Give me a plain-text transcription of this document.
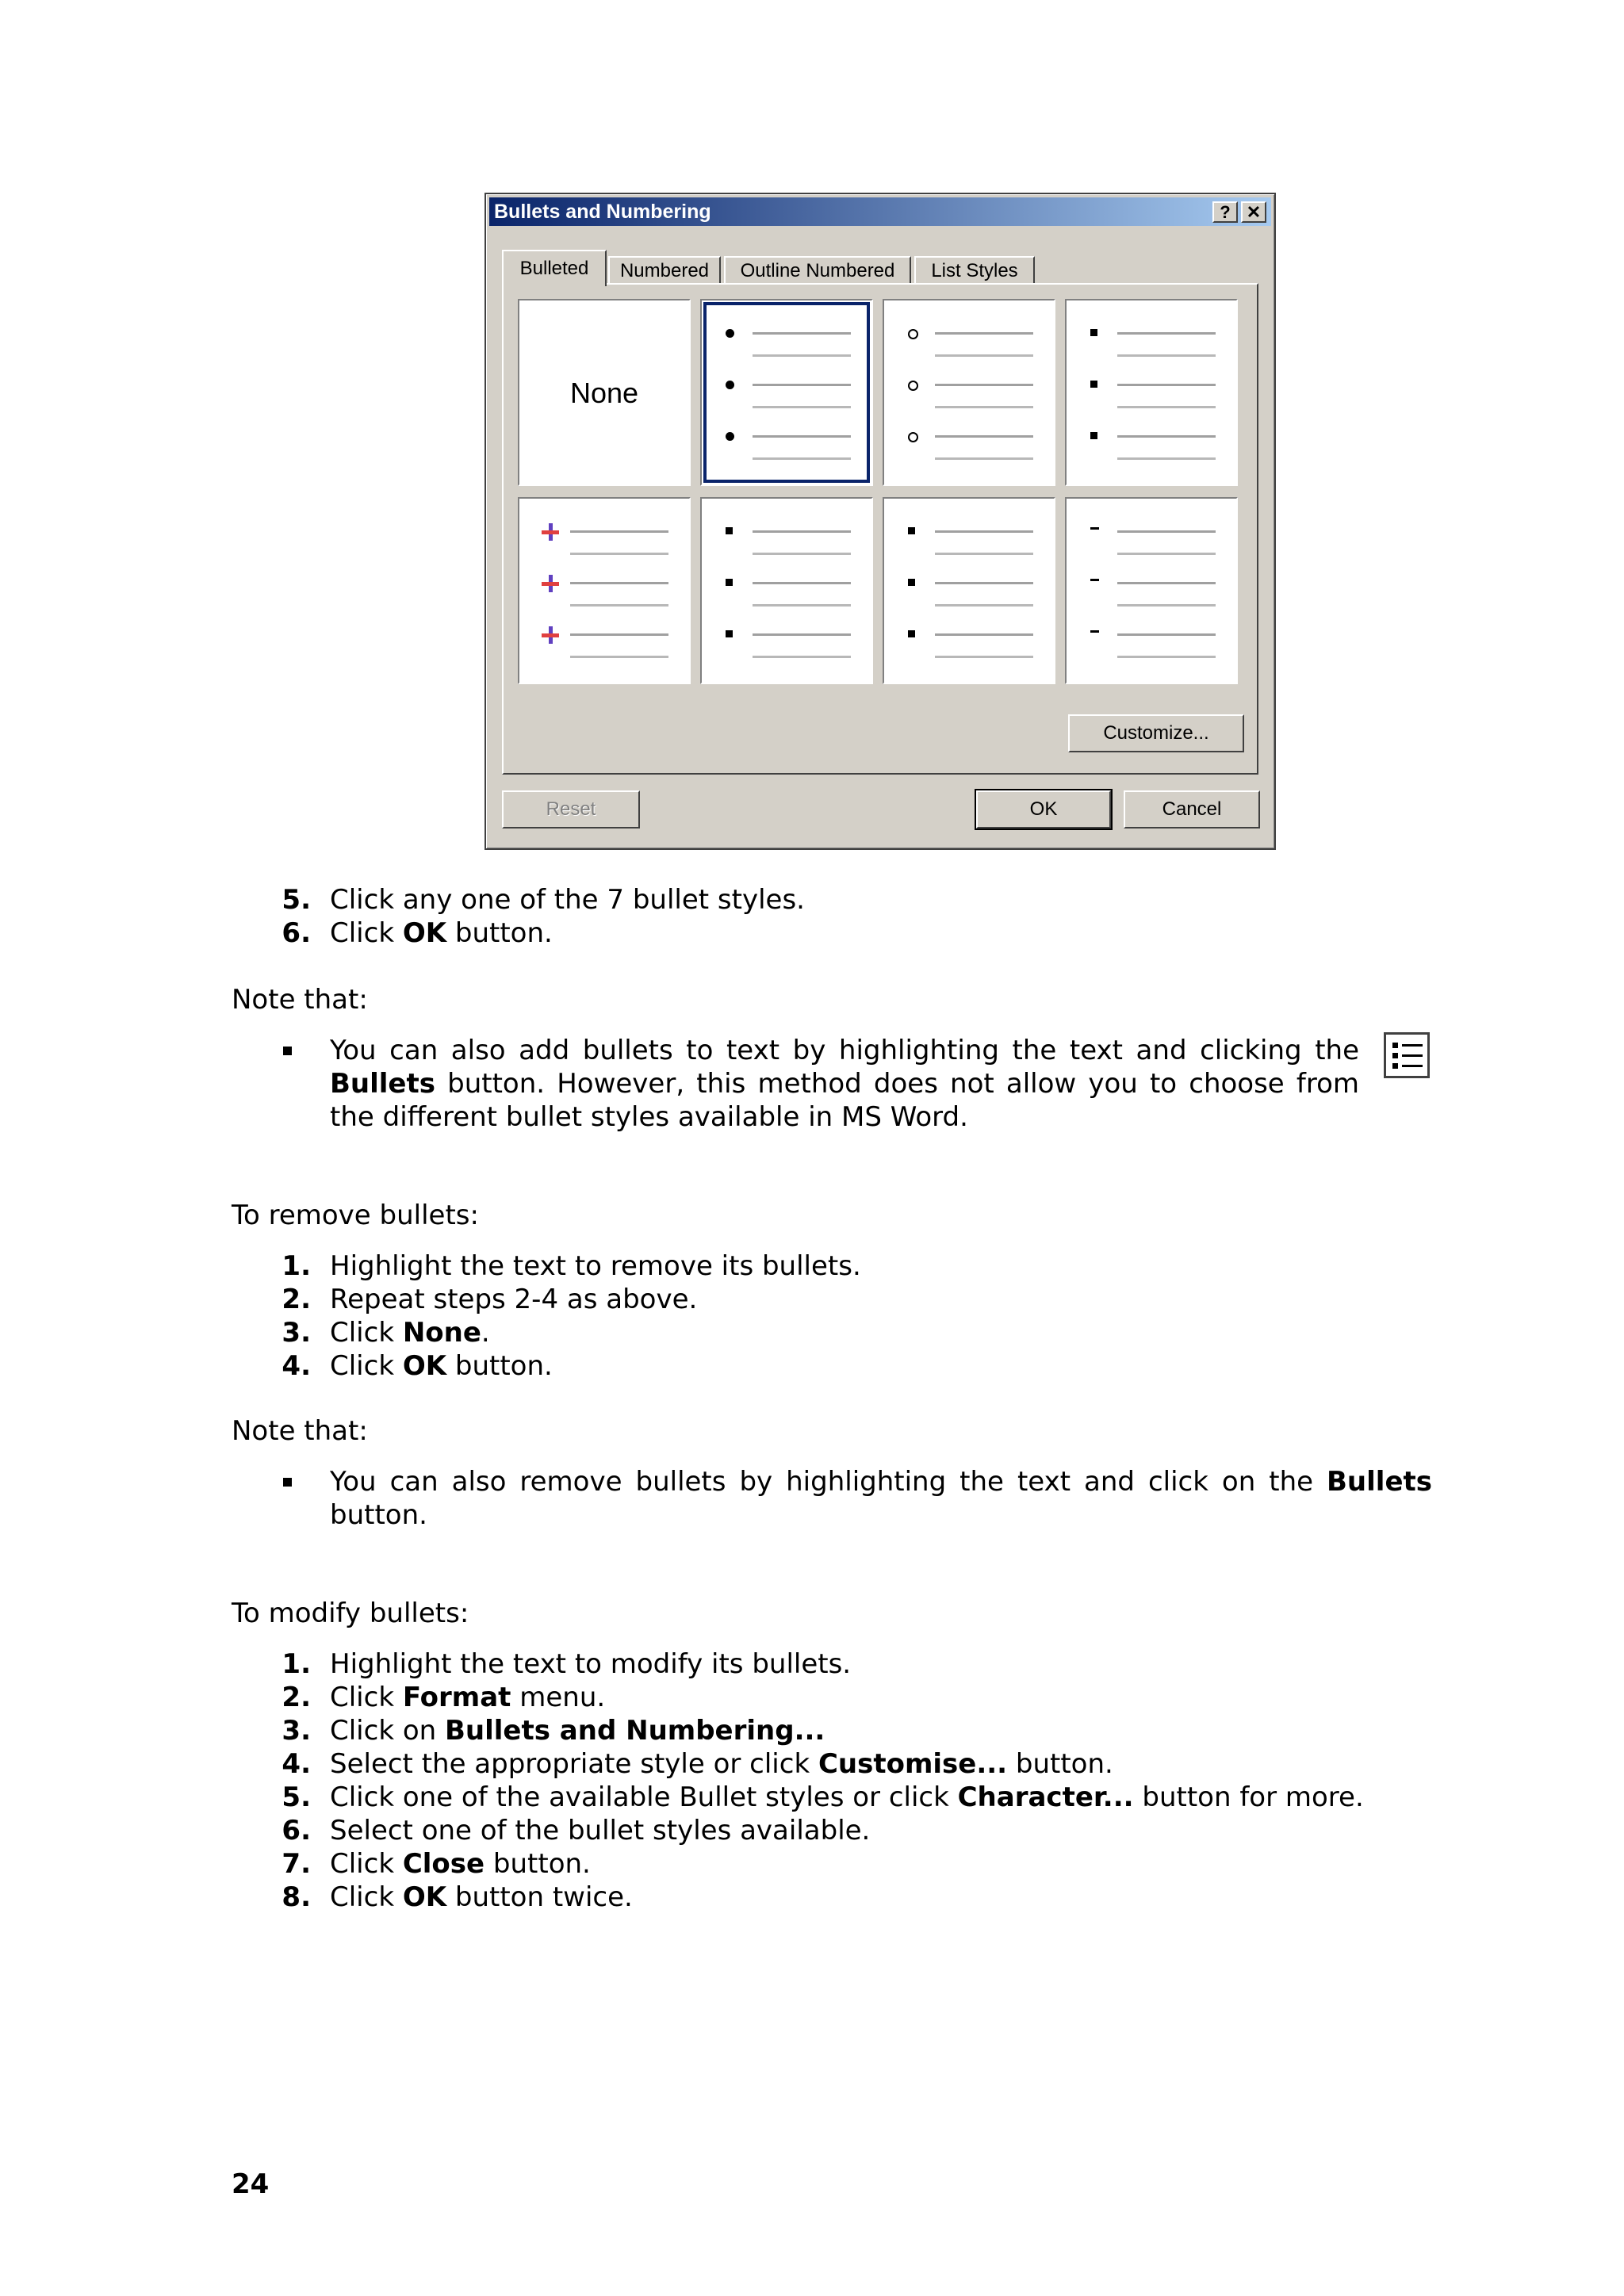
Bullets and Numbering	? ✕
Bulleted	Numbered	Outline Numbered	List Styles
None
Customize...
Reset	OK	Cancel
5. Click any one of the 7 bullet styles.
6. Click OK button.
Note that:
You can also add bullets to text by highlighting the text and clicking the Bullets button. However, this method does not allow you to choose from the different bullet styles available in MS Word.
To remove bullets:
1. Highlight the text to remove its bullets.
2. Repeat steps 2-4 as above.
3. Click None.
4. Click OK button.
Note that:
You can also remove bullets by highlighting the text and click on the Bullets button.
To modify bullets:
1. Highlight the text to modify its bullets.
2. Click Format menu.
3. Click on Bullets and Numbering...
4. Select the appropriate style or click Customise... button.
5. Click one of the available Bullet styles or click Character... button for more.
6. Select one of the bullet styles available.
7. Click Close button.
8. Click OK button twice.
24
